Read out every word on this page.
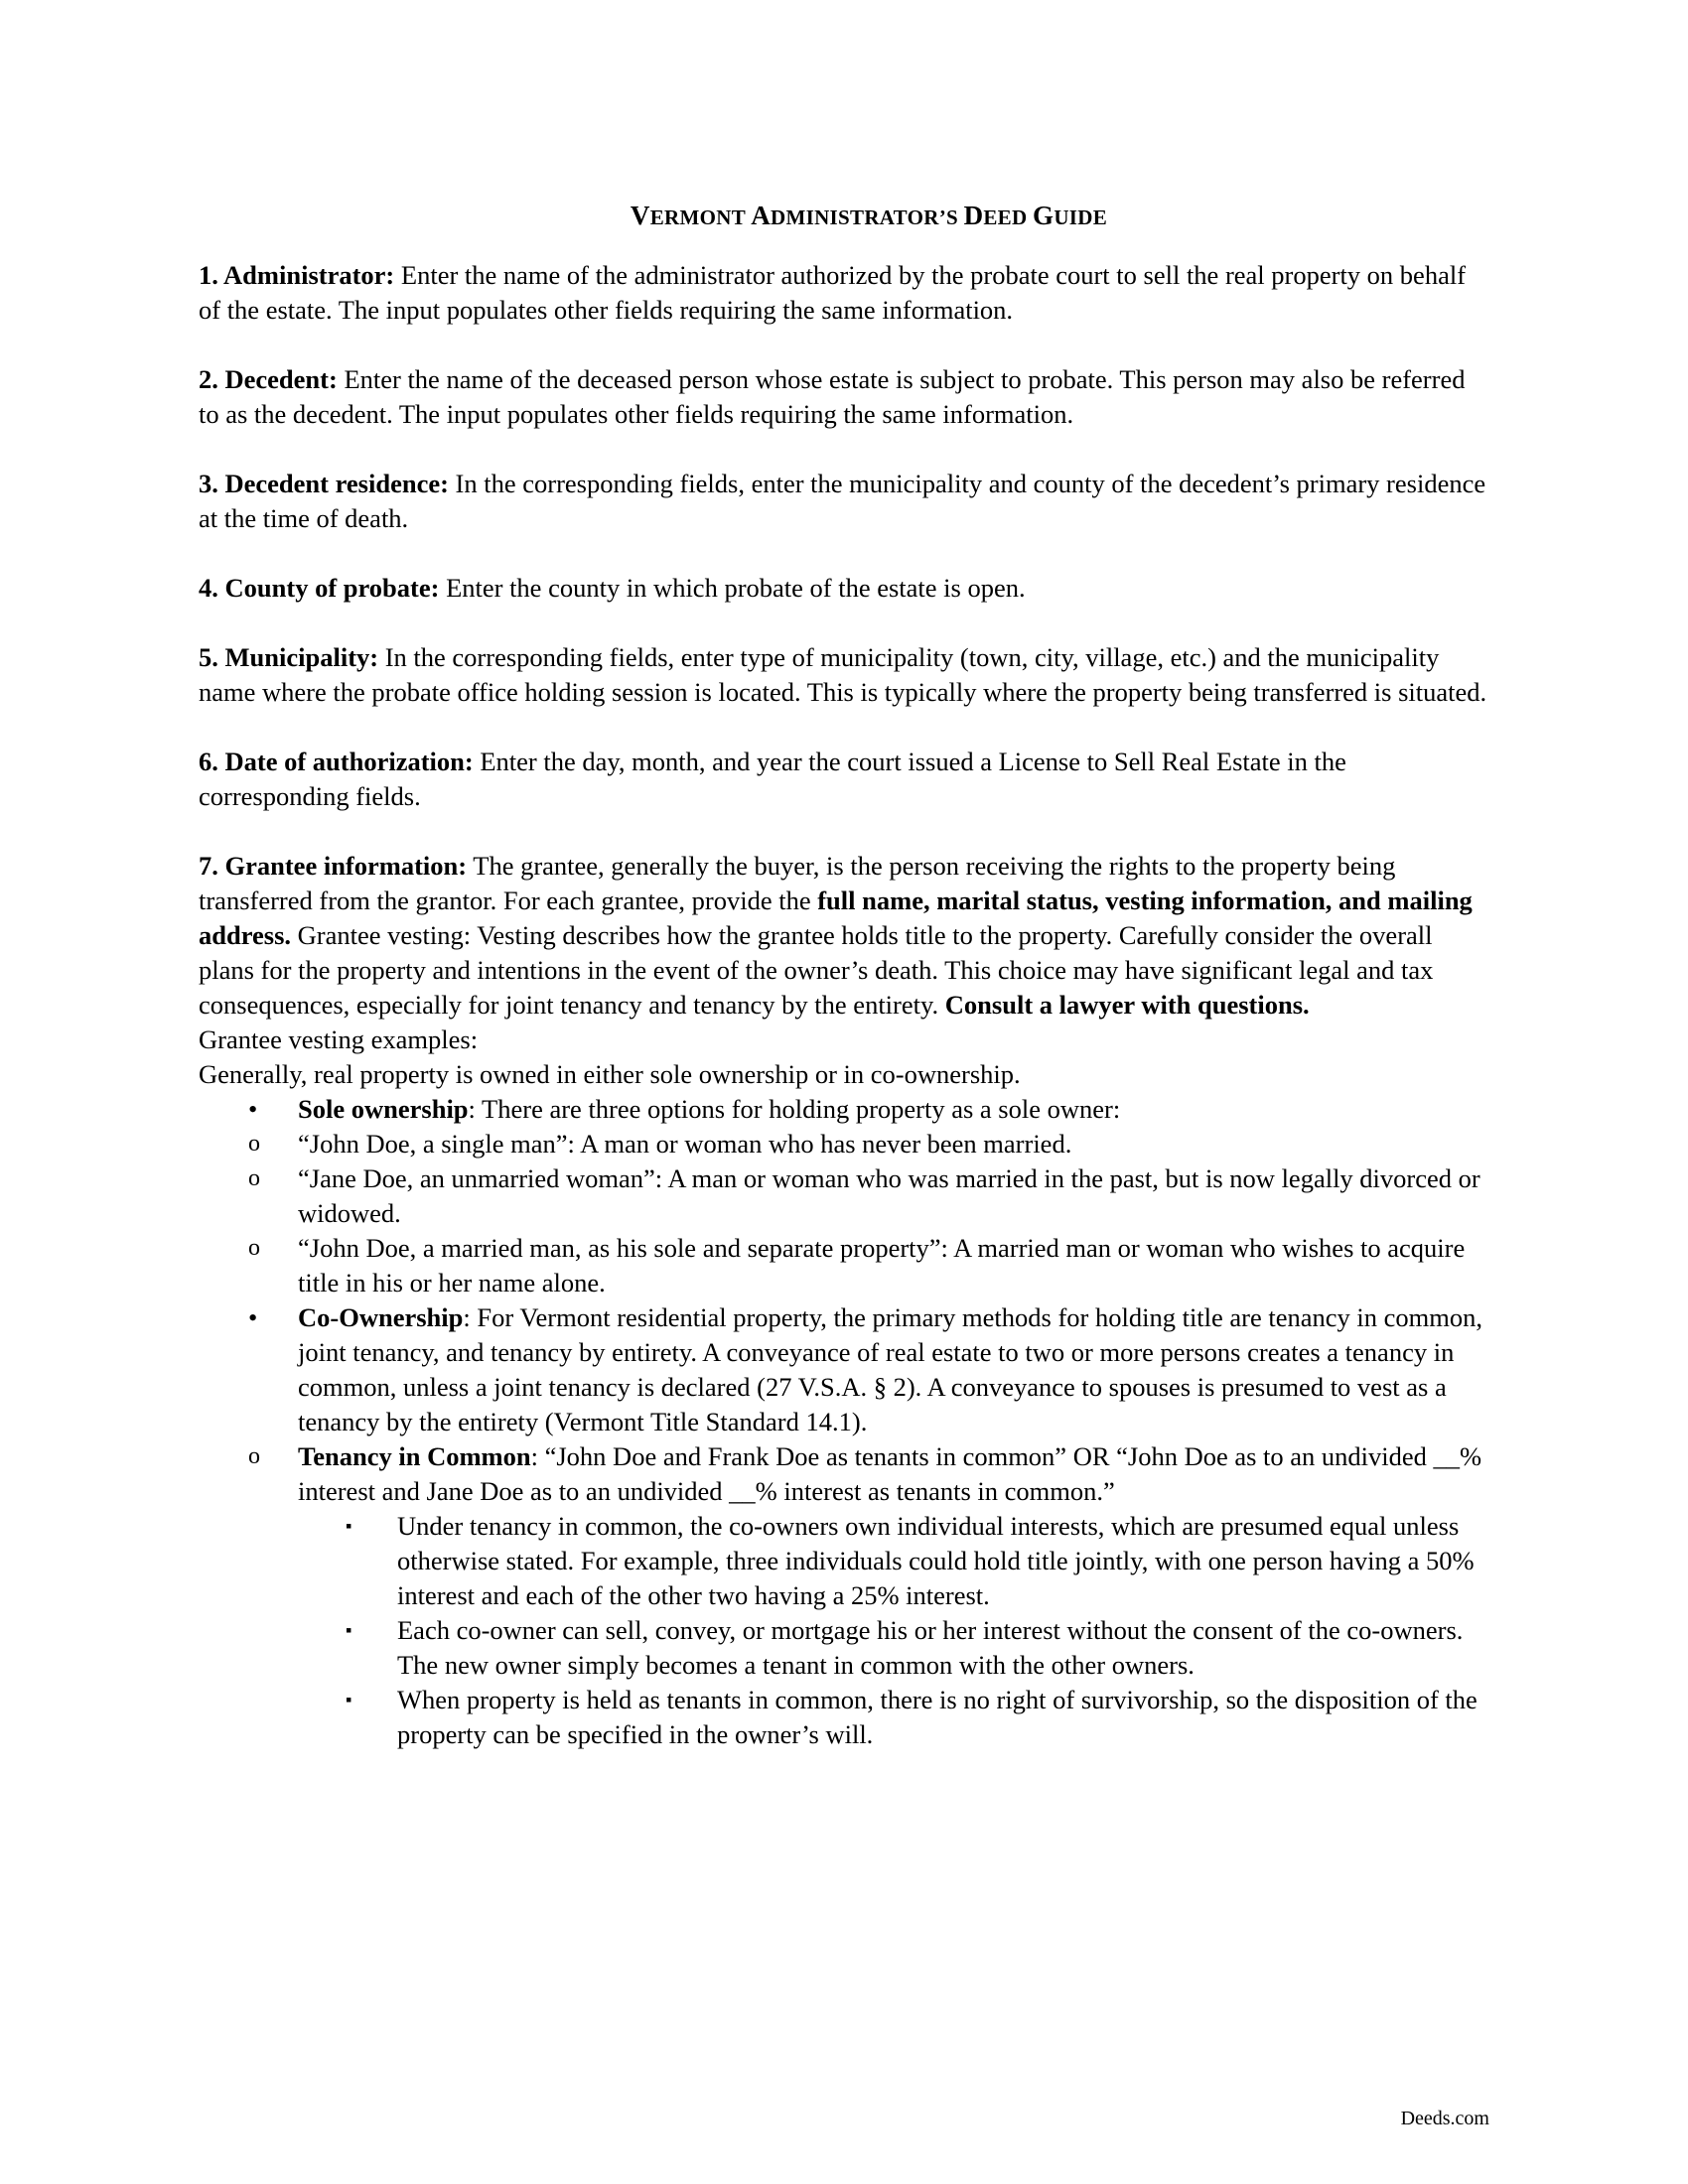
VERMONT ADMINISTRATOR’S DEED GUIDE

1. Administrator: Enter the name of the administrator authorized by the probate court to sell the real property on behalf of the estate. The input populates other fields requiring the same information.

2. Decedent: Enter the name of the deceased person whose estate is subject to probate. This person may also be referred to as the decedent. The input populates other fields requiring the same information.

3. Decedent residence: In the corresponding fields, enter the municipality and county of the decedent’s primary residence at the time of death.

4. County of probate: Enter the county in which probate of the estate is open.

5. Municipality: In the corresponding fields, enter type of municipality (town, city, village, etc.) and the municipality name where the probate office holding session is located. This is typically where the property being transferred is situated.

6. Date of authorization: Enter the day, month, and year the court issued a License to Sell Real Estate in the corresponding fields.

7. Grantee information: The grantee, generally the buyer, is the person receiving the rights to the property being transferred from the grantor. For each grantee, provide the full name, marital status, vesting information, and mailing address. Grantee vesting: Vesting describes how the grantee holds title to the property. Carefully consider the overall plans for the property and intentions in the event of the owner’s death. This choice may have significant legal and tax consequences, especially for joint tenancy and tenancy by the entirety. Consult a lawyer with questions.

Grantee vesting examples:

Generally, real property is owned in either sole ownership or in co-ownership.

• Sole ownership: There are three options for holding property as a sole owner:
o “John Doe, a single man”: A man or woman who has never been married.
o “Jane Doe, an unmarried woman”: A man or woman who was married in the past, but is now legally divorced or widowed.
o “John Doe, a married man, as his sole and separate property”: A married man or woman who wishes to acquire title in his or her name alone.
• Co-Ownership: For Vermont residential property, the primary methods for holding title are tenancy in common, joint tenancy, and tenancy by entirety. A conveyance of real estate to two or more persons creates a tenancy in common, unless a joint tenancy is declared (27 V.S.A. § 2). A conveyance to spouses is presumed to vest as a tenancy by the entirety (Vermont Title Standard 14.1).
o Tenancy in Common: “John Doe and Frank Doe as tenants in common” OR “John Doe as to an undivided __% interest and Jane Doe as to an undivided __% interest as tenants in common.”
▪ Under tenancy in common, the co-owners own individual interests, which are presumed equal unless otherwise stated. For example, three individuals could hold title jointly, with one person having a 50% interest and each of the other two having a 25% interest.
▪ Each co-owner can sell, convey, or mortgage his or her interest without the consent of the co-owners. The new owner simply becomes a tenant in common with the other owners.
▪ When property is held as tenants in common, there is no right of survivorship, so the disposition of the property can be specified in the owner’s will.
Deeds.com
